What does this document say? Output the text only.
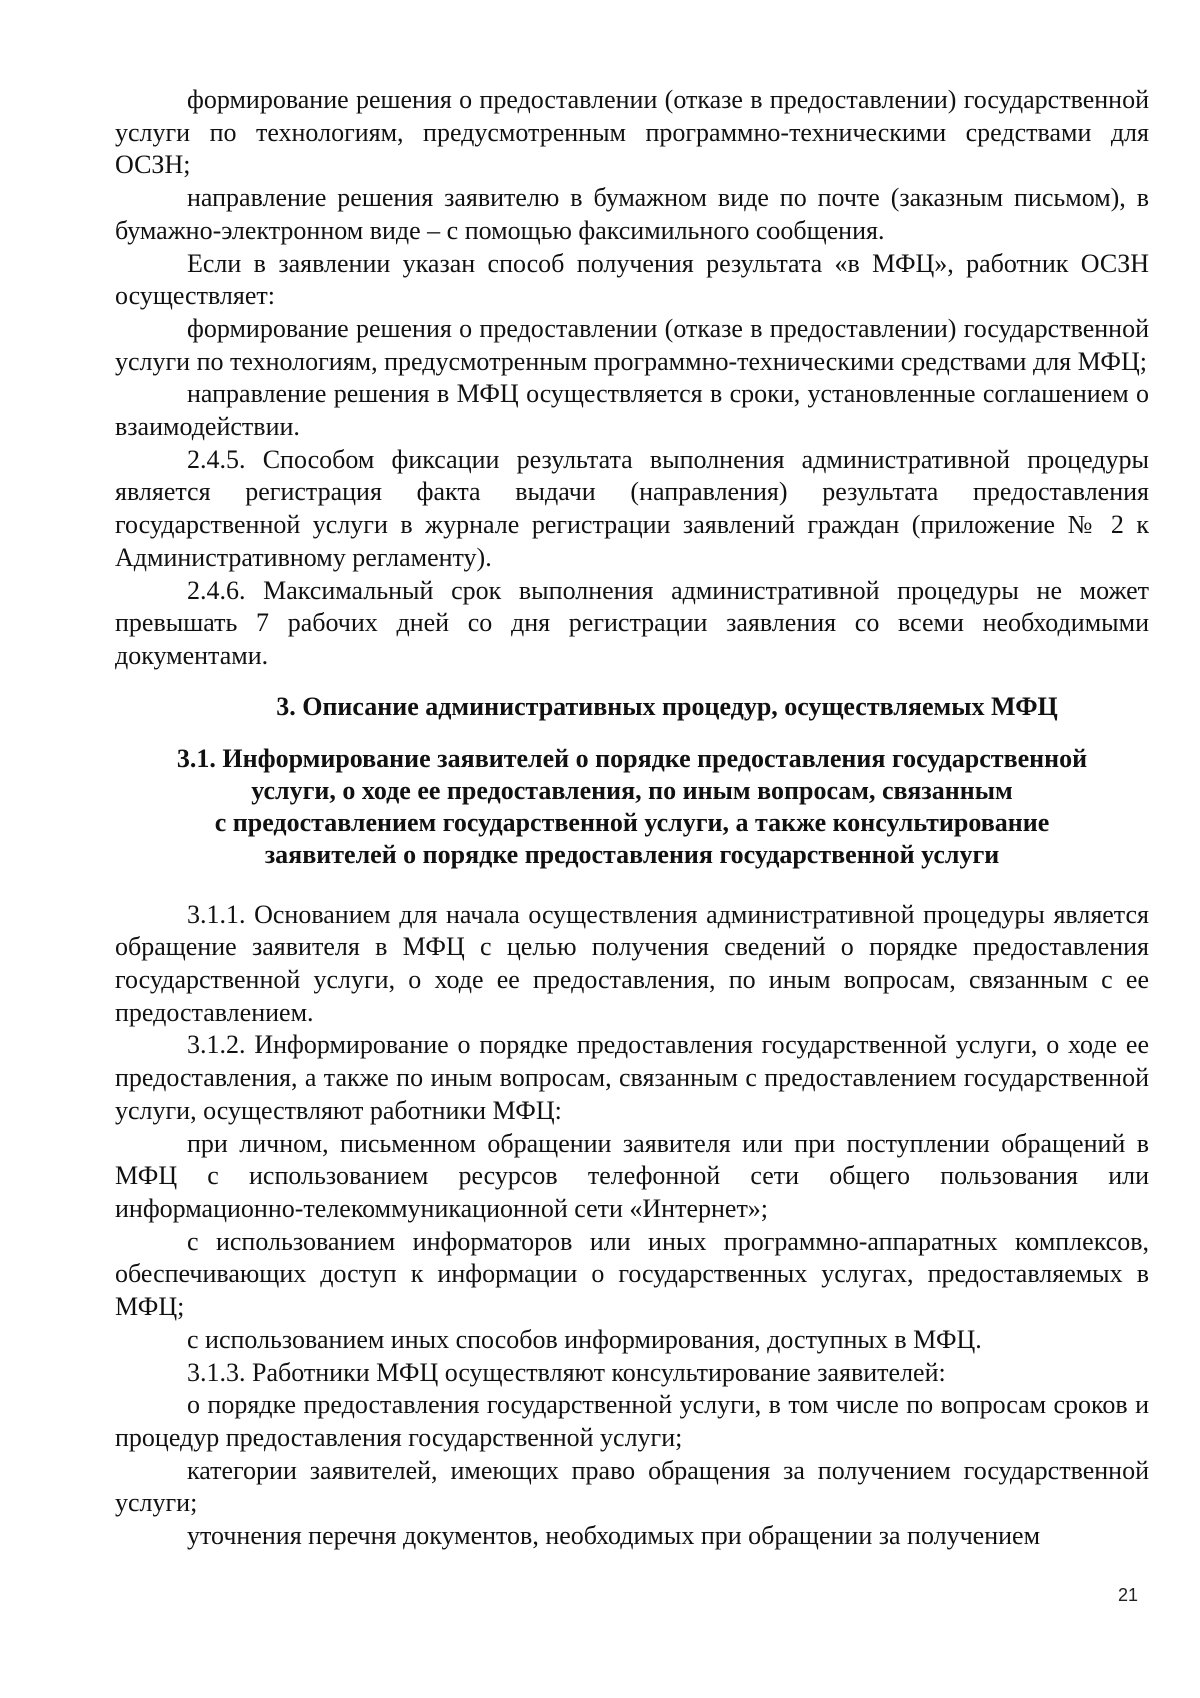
формирование решения о предоставлении (отказе в предоставлении) государственной услуги по технологиям, предусмотренным программно-техническими средствами для ОСЗН;

направление решения заявителю в бумажном виде по почте (заказным письмом), в бумажно-электронном виде – с помощью факсимильного сообщения.

Если в заявлении указан способ получения результата «в МФЦ», работник ОСЗН осуществляет:

формирование решения о предоставлении (отказе в предоставлении) государственной услуги по технологиям, предусмотренным программно-техническими средствами для МФЦ;

направление решения в МФЦ осуществляется в сроки, установленные соглашением о взаимодействии.

2.4.5. Способом фиксации результата выполнения административной процедуры является регистрация факта выдачи (направления) результата предоставления государственной услуги в журнале регистрации заявлений граждан (приложение № 2 к Административному регламенту).

2.4.6. Максимальный срок выполнения административной процедуры не может превышать 7 рабочих дней со дня регистрации заявления со всеми необходимыми документами.

3. Описание административных процедур, осуществляемых МФЦ

3.1. Информирование заявителей о порядке предоставления государственной

услуги, о ходе ее предоставления, по иным вопросам, связанным

с предоставлением государственной услуги, а также консультирование

заявителей о порядке предоставления государственной услуги

3.1.1. Основанием для начала осуществления административной процедуры является обращение заявителя в МФЦ с целью получения сведений о порядке предоставления государственной услуги, о ходе ее предоставления, по иным вопросам, связанным с ее предоставлением.

3.1.2. Информирование о порядке предоставления государственной услуги, о ходе ее предоставления, а также по иным вопросам, связанным с предоставлением государственной услуги, осуществляют работники МФЦ:

при личном, письменном обращении заявителя или при поступлении обращений в МФЦ с использованием ресурсов телефонной сети общего пользования или информационно-телекоммуникационной сети «Интернет»;

с использованием информаторов или иных программно-аппаратных комплексов, обеспечивающих доступ к информации о государственных услугах, предоставляемых в МФЦ;

с использованием иных способов информирования, доступных в МФЦ.

3.1.3. Работники МФЦ осуществляют консультирование заявителей:

о порядке предоставления государственной услуги, в том числе по вопросам сроков и процедур предоставления государственной услуги;

категории заявителей, имеющих право обращения за получением государственной услуги;

уточнения перечня документов, необходимых при обращении за получением

21
